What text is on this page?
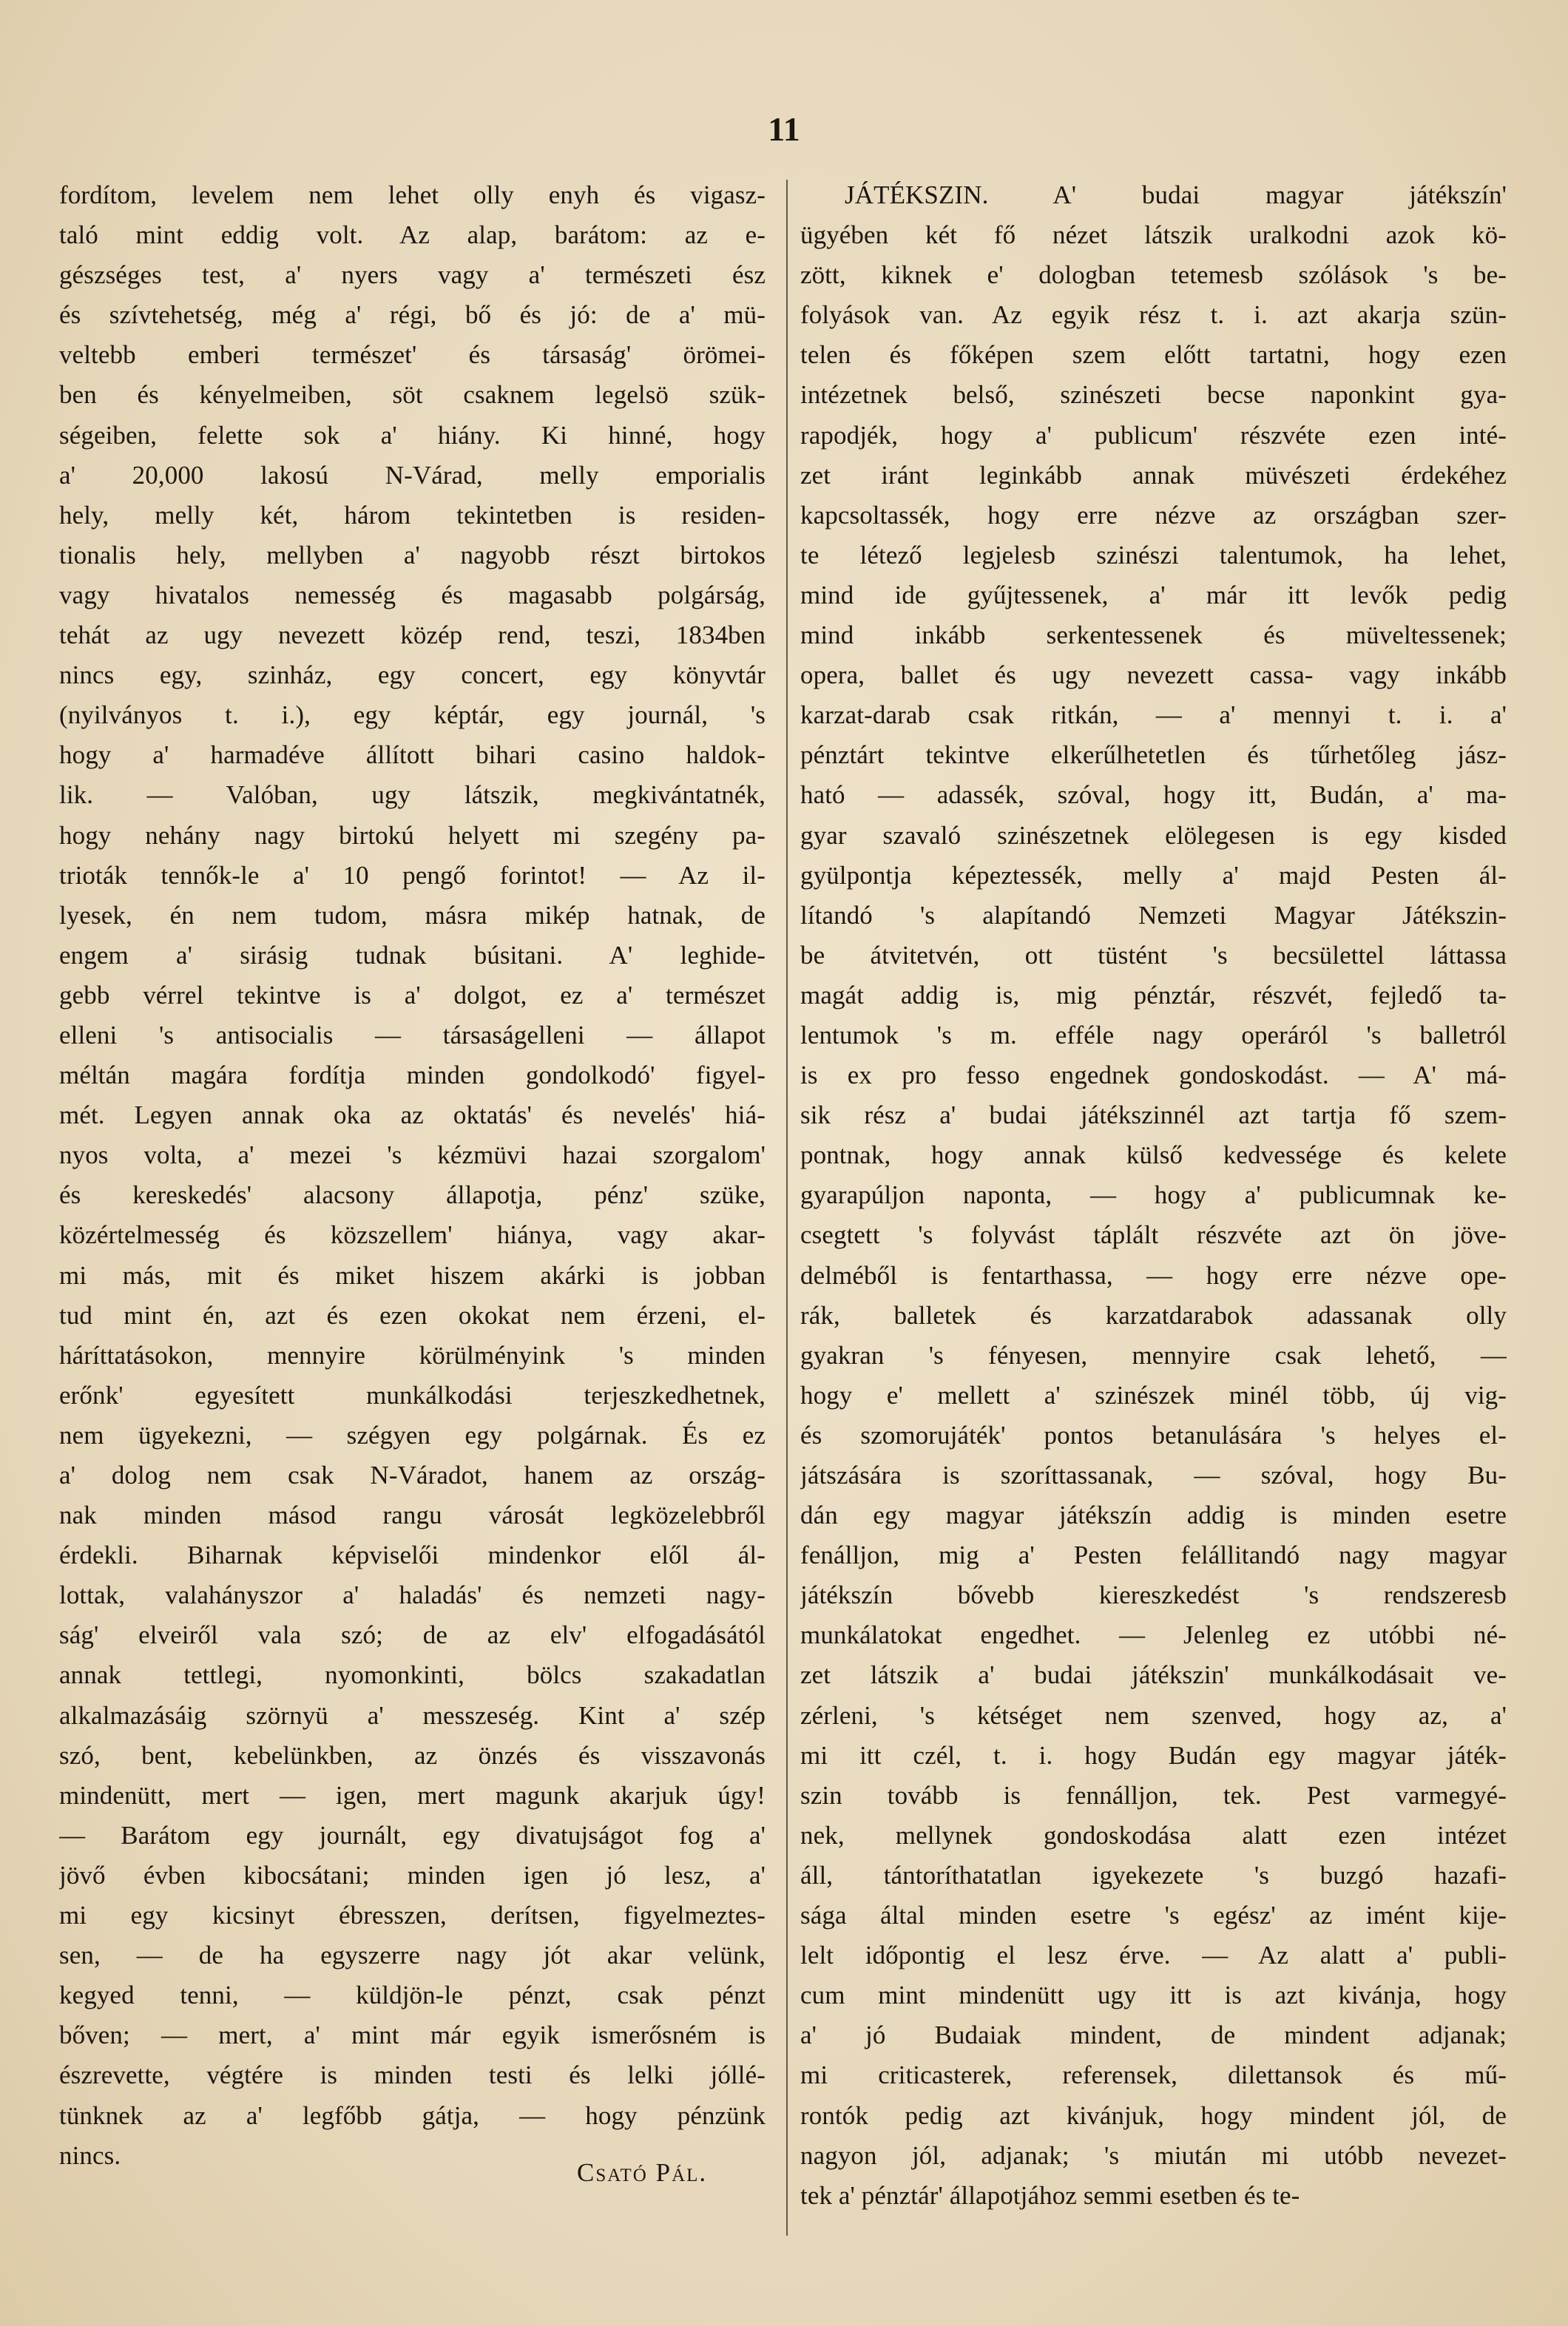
11
fordítom, levelem nem lehet olly enyh és vigasz-
taló mint eddig volt. Az alap, barátom: az e-
gészséges test, a' nyers vagy a' természeti ész
és szívtehetség, még a' régi, bő és jó: de a' mü-
veltebb emberi természet' és társaság' örömei-
ben és kényelmeiben, söt csaknem legelsö szük-
ségeiben, felette sok a' hiány. Ki hinné, hogy
a' 20,000 lakosú N-Várad, melly emporialis
hely, melly két, három tekintetben is residen-
tionalis hely, mellyben a' nagyobb részt birtokos
vagy hivatalos nemesség és magasabb polgárság,
tehát az ugy nevezett közép rend, teszi, 1834ben
nincs egy, szinház, egy concert, egy könyvtár
(nyilványos t. i.), egy képtár, egy journál, 's
hogy a' harmadéve állított bihari casino haldok-
lik. — Valóban, ugy látszik, megkivántatnék,
hogy nehány nagy birtokú helyett mi szegény pa-
trioták tennők-le a' 10 pengő forintot! — Az il-
lyesek, én nem tudom, másra mikép hatnak, de
engem a' sirásig tudnak búsitani. A' leghide-
gebb vérrel tekintve is a' dolgot, ez a' természet
elleni 's antisocialis — társaságelleni — állapot
méltán magára fordítja minden gondolkodó' figyel-
mét. Legyen annak oka az oktatás' és nevelés' hiá-
nyos volta, a' mezei 's kézmüvi hazai szorgalom'
és kereskedés' alacsony állapotja, pénz' szüke,
közértelmesség és közszellem' hiánya, vagy akar-
mi más, mit és miket hiszem akárki is jobban
tud mint én, azt és ezen okokat nem érzeni, el-
háríttatásokon, mennyire körülményink 's minden
erőnk' egyesített munkálkodási terjeszkedhetnek,
nem ügyekezni, — szégyen egy polgárnak. És ez
a' dolog nem csak N-Váradot, hanem az ország-
nak minden másod rangu városát legközelebbről
érdekli. Biharnak képviselői mindenkor elől ál-
lottak, valahányszor a' haladás' és nemzeti nagy-
ság' elveiről vala szó; de az elv' elfogadásától
annak tettlegi, nyomonkinti, bölcs szakadatlan
alkalmazásáig szörnyü a' messzeség. Kint a' szép
szó, bent, kebelünkben, az önzés és visszavonás
mindenütt, mert — igen, mert magunk akarjuk úgy!
— Barátom egy journált, egy divatujságot fog a'
jövő évben kibocsátani; minden igen jó lesz, a'
mi egy kicsinyt ébresszen, derítsen, figyelmeztes-
sen, — de ha egyszerre nagy jót akar velünk,
kegyed tenni, — küldjön-le pénzt, csak pénzt
bőven; — mert, a' mint már egyik ismerősném is
észrevette, végtére is minden testi és lelki jóllé-
tünknek az a' legfőbb gátja, — hogy pénzünk
nincs.
Csató Pál.
JÁTÉKSZIN. A' budai magyar játékszín'
ügyében két fő nézet látszik uralkodni azok kö-
zött, kiknek e' dologban tetemesb szólások 's be-
folyások van. Az egyik rész t. i. azt akarja szün-
telen és főképen szem előtt tartatni, hogy ezen
intézetnek belső, szinészeti becse naponkint gya-
rapodjék, hogy a' publicum' részvéte ezen inté-
zet iránt leginkább annak müvészeti érdekéhez
kapcsoltassék, hogy erre nézve az országban szer-
te létező legjelesb szinészi talentumok, ha lehet,
mind ide gyűjtessenek, a' már itt levők pedig
mind inkább serkentessenek és müveltessenek;
opera, ballet és ugy nevezett cassa- vagy inkább
karzat-darab csak ritkán, — a' mennyi t. i. a'
pénztárt tekintve elkerűlhetetlen és tűrhetőleg jász-
ható — adassék, szóval, hogy itt, Budán, a' ma-
gyar szavaló szinészetnek elölegesen is egy kisded
gyülpontja képeztessék, melly a' majd Pesten ál-
lítandó 's alapítandó Nemzeti Magyar Játékszin-
be átvitetvén, ott tüstént 's becsülettel láttassa
magát addig is, mig pénztár, részvét, fejledő ta-
lentumok 's m. efféle nagy operáról 's balletról
is ex pro fesso engednek gondoskodást. — A' má-
sik rész a' budai játékszinnél azt tartja fő szem-
pontnak, hogy annak külső kedvessége és kelete
gyarapúljon naponta, — hogy a' publicumnak ke-
csegtett 's folyvást táplált részvéte azt ön jöve-
delméből is fentarthassa, — hogy erre nézve ope-
rák, balletek és karzatdarabok adassanak olly
gyakran 's fényesen, mennyire csak lehető, —
hogy e' mellett a' szinészek minél több, új vig-
és szomorujáték' pontos betanulására 's helyes el-
játszására is szoríttassanak, — szóval, hogy Bu-
dán egy magyar játékszín addig is minden esetre
fenálljon, mig a' Pesten felállitandó nagy magyar
játékszín bővebb kiereszkedést 's rendszeresb
munkálatokat engedhet. — Jelenleg ez utóbbi né-
zet látszik a' budai játékszin' munkálkodásait ve-
zérleni, 's kétséget nem szenved, hogy az, a'
mi itt czél, t. i. hogy Budán egy magyar játék-
szin tovább is fennálljon, tek. Pest varmegyé-
nek, mellynek gondoskodása alatt ezen intézet
áll, tántoríthatatlan igyekezete 's buzgó hazafi-
sága által minden esetre 's egész' az imént kije-
lelt időpontig el lesz érve. — Az alatt a' publi-
cum mint mindenütt ugy itt is azt kivánja, hogy
a' jó Budaiak mindent, de mindent adjanak;
mi criticasterek, referensek, dilettansok és mű-
rontók pedig azt kivánjuk, hogy mindent jól, de
nagyon jól, adjanak; 's miután mi utóbb nevezet-
tek a' pénztár' állapotjához semmi esetben és te-
